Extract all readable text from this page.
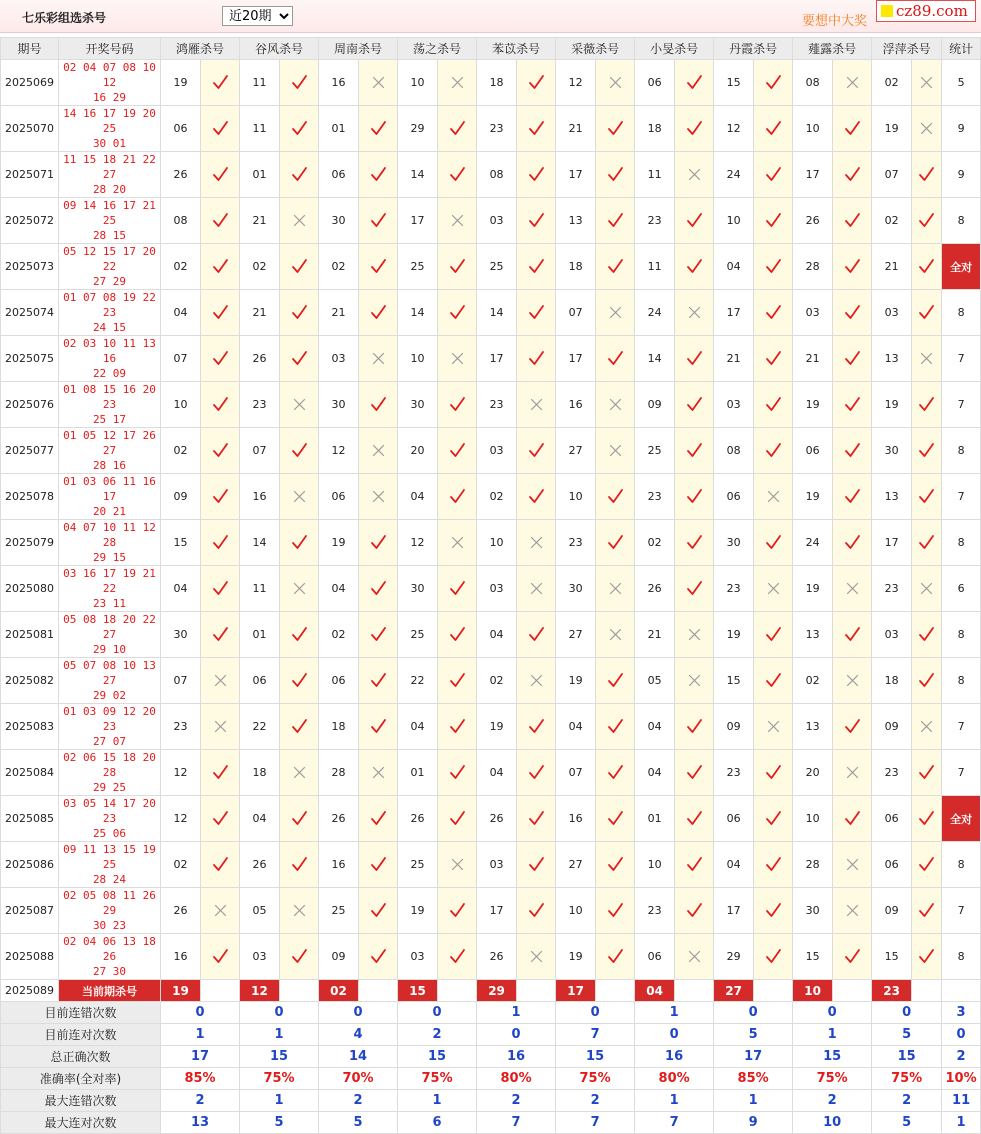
七乐彩组选杀号
近20期	要想中大奖
cz89.com
期号	开奖号码	鸿雁杀号		谷风杀号		周南杀号		荡之杀号		苯苡杀号		采薇杀号		小旻杀号		丹霞杀号		薤露杀号		浮萍杀号		统计
2025069	02 04 07 08 10 12
16 29	19		11		16		10		18		12		06		15		08		02		5
2025070	14 16 17 19 20 25
30 01	06		11		01		29		23		21		18		12		10		19		9
2025071	11 15 18 21 22 27
28 20	26		01		06		14		08		17		11		24		17		07		9
2025072	09 14 16 17 21 25
28 15	08		21		30		17		03		13		23		10		26		02		8
2025073	05 12 15 17 20 22
27 29	02		02		02		25		25		18		11		04		28		21		全对
2025074	01 07 08 19 22 23
24 15	04		21		21		14		14		07		24		17		03		03		8
2025075	02 03 10 11 13 16
22 09	07		26		03		10		17		17		14		21		21		13		7
2025076	01 08 15 16 20 23
25 17	10		23		30		30		23		16		09		03		19		19		7
2025077	01 05 12 17 26 27
28 16	02		07		12		20		03		27		25		08		06		30		8
2025078	01 03 06 11 16 17
20 21	09		16		06		04		02		10		23		06		19		13		7
2025079	04 07 10 11 12 28
29 15	15		14		19		12		10		23		02		30		24		17		8
2025080	03 16 17 19 21 22
23 11	04		11		04		30		03		30		26		23		19		23		6
2025081	05 08 18 20 22 27
29 10	30		01		02		25		04		27		21		19		13		03		8
2025082	05 07 08 10 13 27
29 02	07		06		06		22		02		19		05		15		02		18		8
2025083	01 03 09 12 20 23
27 07	23		22		18		04		19		04		04		09		13		09		7
2025084	02 06 15 18 20 28
29 25	12		18		28		01		04		07		04		23		20		23		7
2025085	03 05 14 17 20 23
25 06	12		04		26		26		26		16		01		06		10		06		全对
2025086	09 11 13 15 19 25
28 24	02		26		16		25		03		27		10		04		28		06		8
2025087	02 05 08 11 26 29
30 23	26		05		25		19		17		10		23		17		30		09		7
2025088	02 04 06 13 18 26
27 30	16		03		09		03		26		19		06		29		15		15		8
2025089	当前期杀号	19		12		02		15		29		17		04		27		10		23		
目前连错次数		0		0		0		0		1		0		1		0		0		0		3
目前连对次数		1		1		4		2		0		7		0		5		1		5		0
总正确次数		17		15		14		15		16		15		16		17		15		15		2
准确率(全对率)		85%		75%		70%		75%		80%		75%		80%		85%		75%		75%		10%
最大连错次数		2		1		2		1		2		2		1		1		2		2		11
最大连对次数		13		5		5		6		7		7		7		9		10		5		1
